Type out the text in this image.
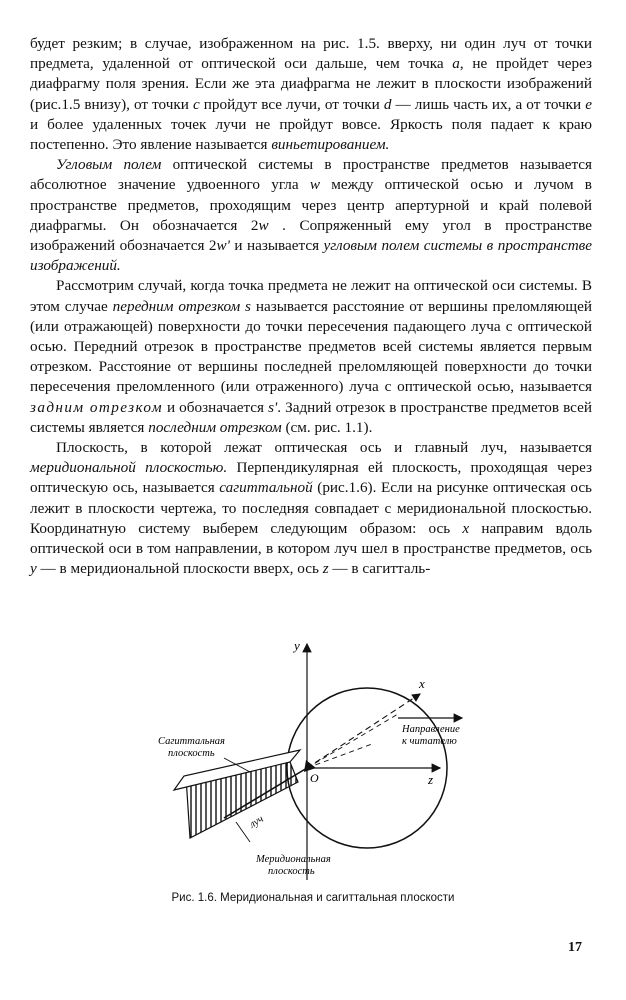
будет резким; в случае, изображенном на рис. 1.5. вверху, ни один луч от точки предмета, удаленной от оптической оси дальше, чем точка a, не пройдет через диафрагму поля зрения. Если же эта диафрагма не лежит в плоскости изображений (рис.1.5 внизу), от точки c пройдут все лучи, от точки d — лишь часть их, а от точки e и более удаленных точек лучи не пройдут вовсе. Яркость поля падает к краю постепенно. Это явление называется виньетированием.

Угловым полем оптической системы в пространстве предметов называется абсолютное значение удвоенного угла w между оптической осью и лучом в пространстве предметов, проходящим через центр апертурной и край полевой диафрагмы. Он обозначается 2w . Сопряженный ему угол в пространстве изображений обозначается 2w' и называется угловым полем системы в пространстве изображений.

Рассмотрим случай, когда точка предмета не лежит на оптической оси системы. В этом случае передним отрезком s называется расстояние от вершины преломляющей (или отражающей) поверхности до точки пересечения падающего луча с оптической осью. Передний отрезок в пространстве предметов всей системы является первым отрезком. Расстояние от вершины последней преломляющей поверхности до точки пересечения преломленного (или отраженного) луча с оптической осью, называется задним отрезком и обозначается s'. Задний отрезок в пространстве предметов всей системы является последним отрезком (см. рис. 1.1).

Плоскость, в которой лежат оптическая ось и главный луч, называется меридиональной плоскостью. Перпендикулярная ей плоскость, проходящая через оптическую ось, называется сагиттальной (рис.1.6). Если на рисунке оптическая ось лежит в плоскости чертежа, то последняя совпадает с меридиональной плоскостью. Координатную систему выберем следующим образом: ось x направим вдоль оптической оси в том направлении, в котором луч шел в пространстве предметов, ось y — в меридиональной плоскости вверх, ось z — в сагитталь-

y
x
z
O
Направление
к читателю
Сагиттальная
плоскость
Меридиональная
плоскость
луч
Рис. 1.6. Меридиональная и сагиттальная плоскости
17
